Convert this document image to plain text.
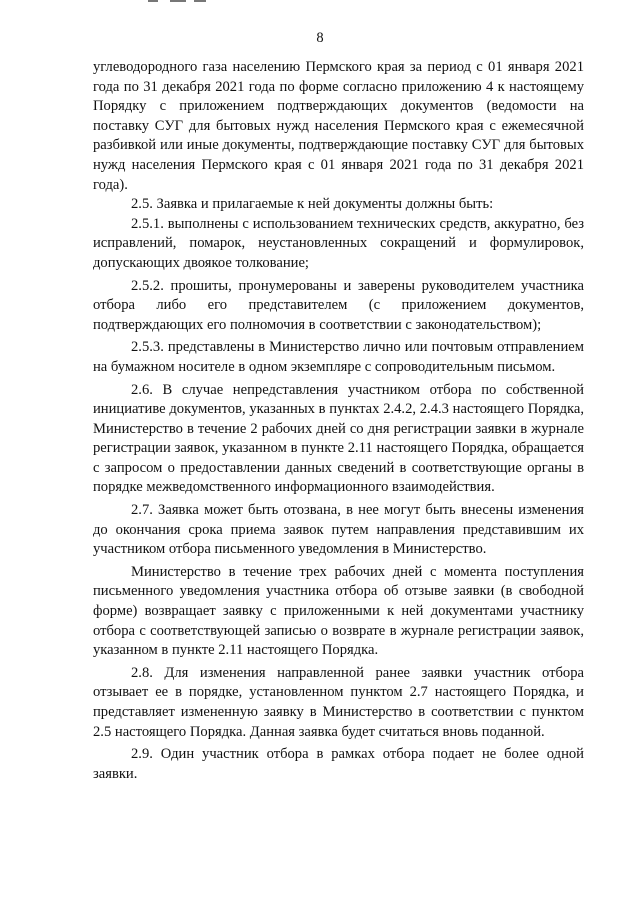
8

углеводородного газа населению Пермского края за период с 01 января 2021 года по 31 декабря 2021 года по форме согласно приложению 4 к настоящему Порядку с приложением подтверждающих документов (ведомости на поставку СУГ для бытовых нужд населения Пермского края с ежемесячной разбивкой или иные документы, подтверждающие поставку СУГ для бытовых нужд населения Пермского края с 01 января 2021 года по 31 декабря 2021 года).

2.5. Заявка и прилагаемые к ней документы должны быть:

2.5.1. выполнены с использованием технических средств, аккуратно, без исправлений, помарок, неустановленных сокращений и формулировок, допускающих двоякое толкование;

2.5.2. прошиты, пронумерованы и заверены руководителем участника отбора либо его представителем (с приложением документов, подтверждающих его полномочия в соответствии с законодательством);

2.5.3. представлены в Министерство лично или почтовым отправлением на бумажном носителе в одном экземпляре с сопроводительным письмом.

2.6. В случае непредставления участником отбора по собственной инициативе документов, указанных в пунктах 2.4.2, 2.4.3 настоящего Порядка, Министерство в течение 2 рабочих дней со дня регистрации заявки в журнале регистрации заявок, указанном в пункте 2.11 настоящего Порядка, обращается с запросом о предоставлении данных сведений в соответствующие органы в порядке межведомственного информационного взаимодействия.

2.7. Заявка может быть отозвана, в нее могут быть внесены изменения до окончания срока приема заявок путем направления представившим их участником отбора письменного уведомления в Министерство.

Министерство в течение трех рабочих дней с момента поступления письменного уведомления участника отбора об отзыве заявки (в свободной форме) возвращает заявку с приложенными к ней документами участнику отбора с соответствующей записью о возврате в журнале регистрации заявок, указанном в пункте 2.11 настоящего Порядка.

2.8. Для изменения направленной ранее заявки участник отбора отзывает ее в порядке, установленном пунктом 2.7 настоящего Порядка, и представляет измененную заявку в Министерство в соответствии с пунктом 2.5 настоящего Порядка. Данная заявка будет считаться вновь поданной.

2.9. Один участник отбора в рамках отбора подает не более одной заявки.
